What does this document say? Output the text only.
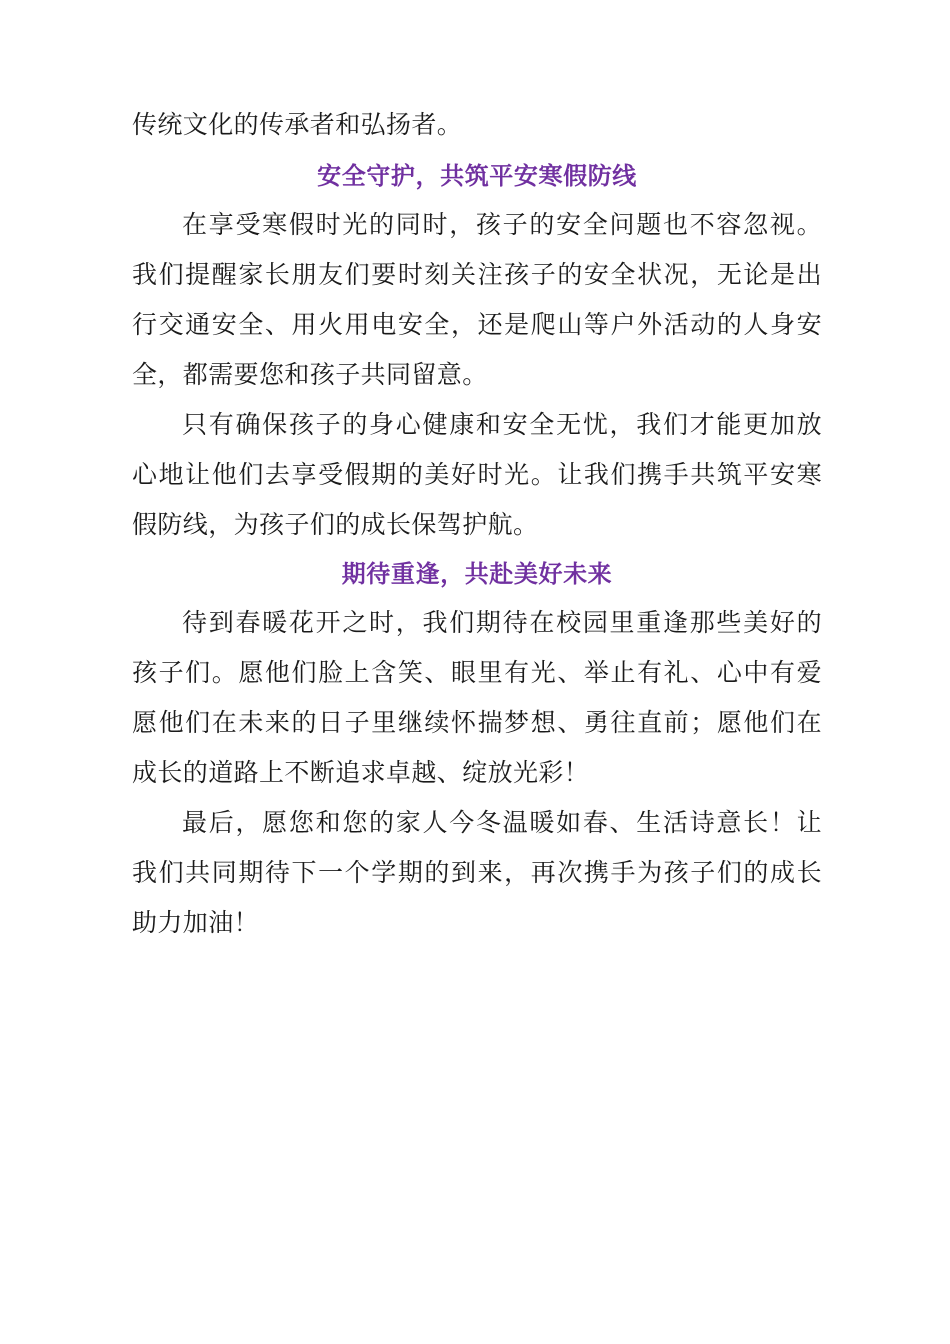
传统文化的传承者和弘扬者。
安全守护，共筑平安寒假防线
在享受寒假时光的同时，孩子的安全问题也不容忽视。
我们提醒家长朋友们要时刻关注孩子的安全状况，无论是出
行交通安全、用火用电安全，还是爬山等户外活动的人身安
全，都需要您和孩子共同留意。
只有确保孩子的身心健康和安全无忧，我们才能更加放
心地让他们去享受假期的美好时光。让我们携手共筑平安寒
假防线，为孩子们的成长保驾护航。
期待重逢，共赴美好未来
待到春暖花开之时，我们期待在校园里重逢那些美好的
孩子们。愿他们脸上含笑、眼里有光、举止有礼、心中有爱
愿他们在未来的日子里继续怀揣梦想、勇往直前；愿他们在
成长的道路上不断追求卓越、绽放光彩！
最后，愿您和您的家人今冬温暖如春、生活诗意长！让
我们共同期待下一个学期的到来，再次携手为孩子们的成长
助力加油！
